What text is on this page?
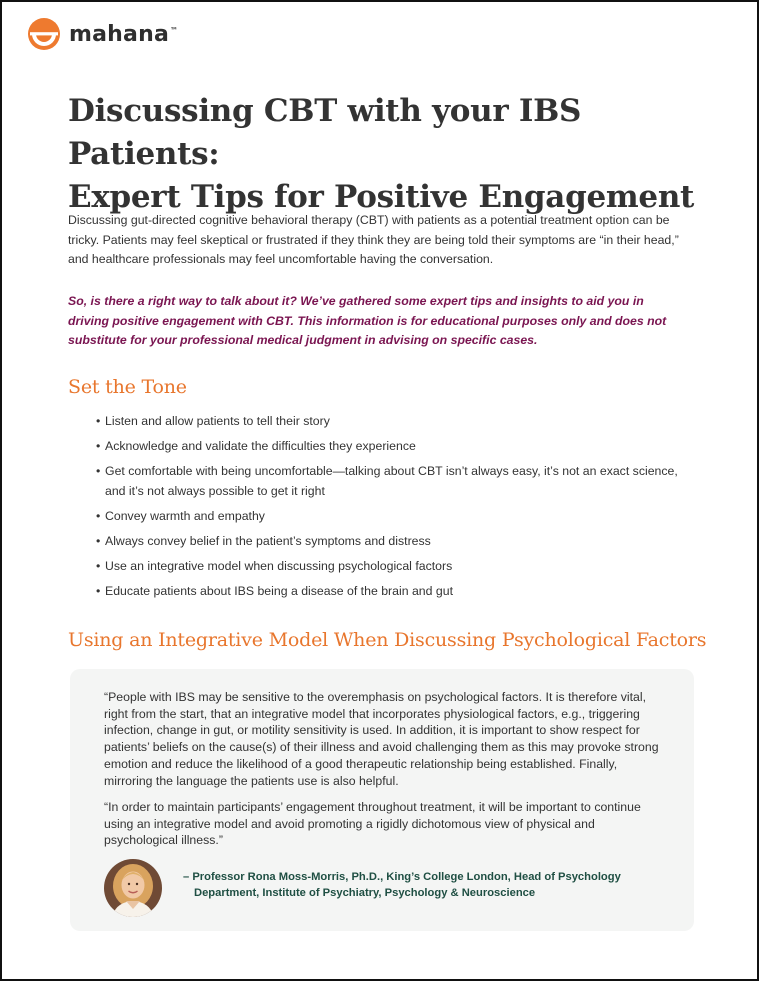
mahana™
Discussing CBT with your IBS Patients:
Expert Tips for Positive Engagement

Discussing gut-directed cognitive behavioral therapy (CBT) with patients as a potential treatment option can be tricky. Patients may feel skeptical or frustrated if they think they are being told their symptoms are “in their head,” and healthcare professionals may feel uncomfortable having the conversation.

So, is there a right way to talk about it? We’ve gathered some expert tips and insights to aid you in driving positive engagement with CBT. This information is for educational purposes only and does not substitute for your professional medical judgment in advising on specific cases.

Set the Tone
• Listen and allow patients to tell their story
• Acknowledge and validate the difficulties they experience
• Get comfortable with being uncomfortable—talking about CBT isn’t always easy, it’s not an exact science, and it’s not always possible to get it right
• Convey warmth and empathy
• Always convey belief in the patient’s symptoms and distress
• Use an integrative model when discussing psychological factors
• Educate patients about IBS being a disease of the brain and gut
Using an Integrative Model When Discussing Psychological Factors

“People with IBS may be sensitive to the overemphasis on psychological factors. It is therefore vital, right from the start, that an integrative model that incorporates physiological factors, e.g., triggering infection, change in gut, or motility sensitivity is used. In addition, it is important to show respect for patients’ beliefs on the cause(s) of their illness and avoid challenging them as this may provoke strong emotion and reduce the likelihood of a good therapeutic relationship being established. Finally, mirroring the language the patients use is also helpful.

“In order to maintain participants’ engagement throughout treatment, it will be important to continue using an integrative model and avoid promoting a rigidly dichotomous view of physical and psychological illness.”

– Professor Rona Moss-Morris, Ph.D., King’s College London, Head of Psychology
Department, Institute of Psychiatry, Psychology & Neuroscience
